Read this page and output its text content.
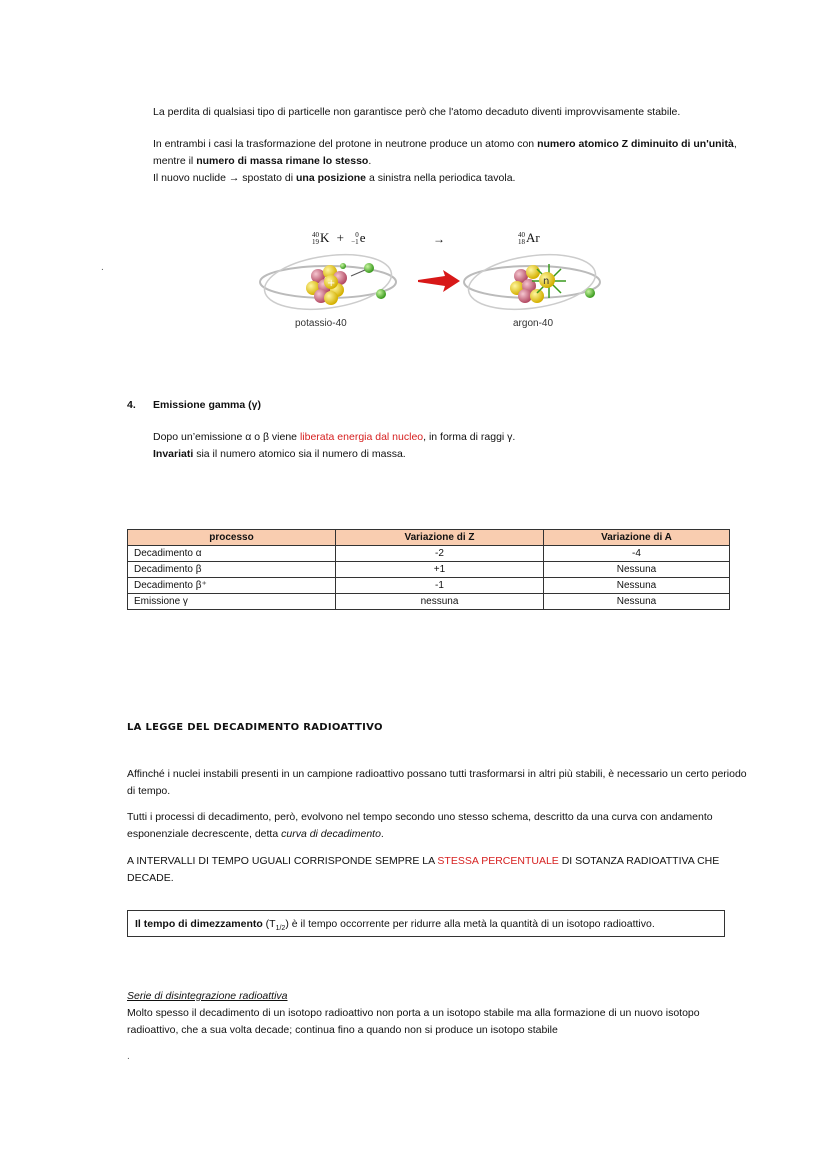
La perdita di qualsiasi tipo di particelle non garantisce però che l'atomo decaduto diventi improvvisamente stabile.

In entrambi i casi la trasformazione del protone in neutrone produce un atomo con numero atomico Z diminuito di un'unità, mentre il numero di massa rimane lo stesso.

Il nuovo nuclide → spostato di una posizione a sinistra nella periodica tavola.

.
40
19K + 0
−1e	→	40
18Ar
+	n
potassio-40	argon-40
4. Emissione gamma (γ)

Dopo un’emissione α o β viene liberata energia dal nucleo, in forma di raggi γ.

Invariati sia il numero atomico sia il numero di massa.

processo	Variazione di Z	Variazione di A
Decadimento α	-2	-4
Decadimento β	+1	Nessuna
Decadimento β⁺	-1	Nessuna
Emissione γ	nessuna	Nessuna
LA LEGGE DEL DECADIMENTO RADIOATTIVO

Affinché i nuclei instabili presenti in un campione radioattivo possano tutti trasformarsi in altri più stabili, è necessario un certo periodo di tempo.

Tutti i processi di decadimento, però, evolvono nel tempo secondo uno stesso schema, descritto da una curva con andamento esponenziale decrescente, detta curva di decadimento.

A INTERVALLI DI TEMPO UGUALI CORRISPONDE SEMPRE LA STESSA PERCENTUALE DI SOTANZA RADIOATTIVA CHE DECADE.

Il tempo di dimezzamento $(T_{1/2})$ è il tempo occorrente per ridurre alla metà la quantità di un isotopo radioattivo.

Serie di disintegrazione radioattiva

Molto spesso il decadimento di un isotopo radioattivo non porta a un isotopo stabile ma alla formazione di un nuovo isotopo radioattivo, che a sua volta decade; continua fino a quando non si produce un isotopo stabile

.
